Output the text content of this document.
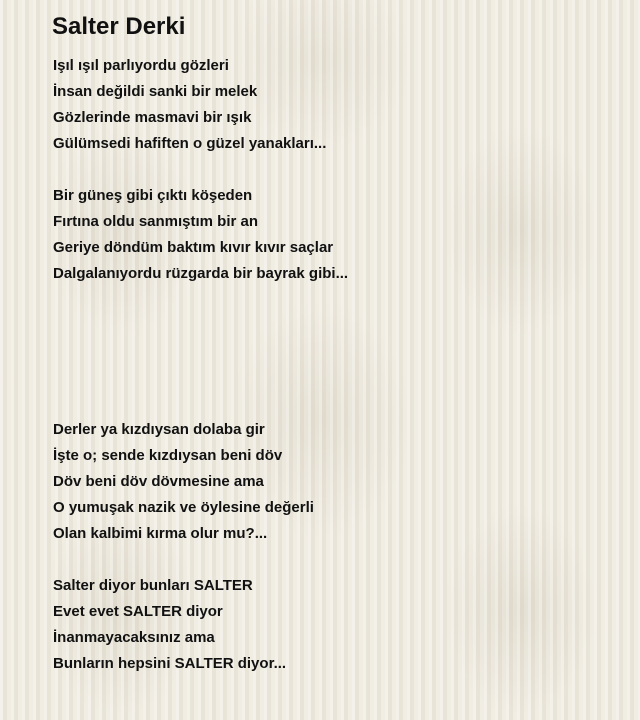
Salter Derki
Işıl ışıl parlıyordu gözleri
İnsan değildi sanki bir melek
Gözlerinde masmavi bir ışık
Gülümsedi hafiften o güzel yanakları...
Bir güneş gibi çıktı köşeden
Fırtına oldu sanmıştım bir an
Geriye döndüm baktım kıvır kıvır saçlar
Dalgalanıyordu rüzgarda bir bayrak gibi...
Derler ya kızdıysan dolaba gir
İşte o; sende kızdıysan beni döv
Döv beni döv dövmesine ama
O yumuşak nazik ve öylesine değerli
Olan kalbimi kırma olur mu?...
Salter diyor bunları SALTER
Evet evet SALTER diyor
İnanmayacaksınız ama
Bunların hepsini SALTER diyor...
